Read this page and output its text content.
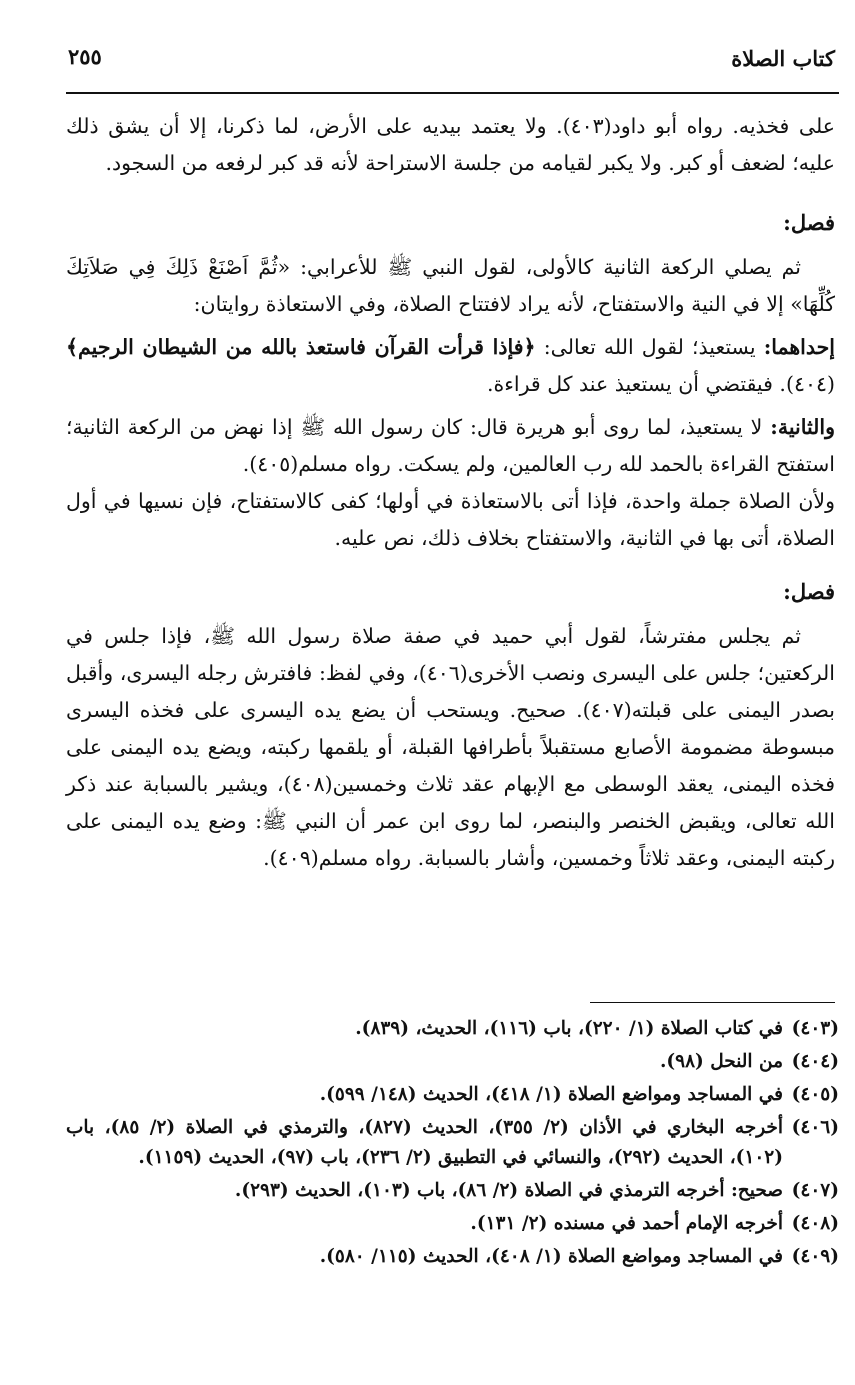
كتاب الصلاة
٢٥٥

على فخذيه. رواه أبو داود(٤٠٣). ولا يعتمد بيديه على الأرض، لما ذكرنا، إلا أن يشق ذلك عليه؛ لضعف أو كبر. ولا يكبر لقيامه من جلسة الاستراحة لأنه قد كبر لرفعه من السجود.

فصل:

ثم يصلي الركعة الثانية كالأولى، لقول النبي ﷺ للأعرابي: «ثُمَّ اَصْنَعْ ذَلِكَ فِي صَلاَتِكَ كُلِّهَا» إلا في النية والاستفتاح، لأنه يراد لافتتاح الصلاة، وفي الاستعاذة روايتان:

إحداهما: يستعيذ؛ لقول الله تعالى: ﴿فإذا قرأت القرآن فاستعذ بالله من الشيطان الرجيم﴾(٤٠٤). فيقتضي أن يستعيذ عند كل قراءة.

والثانية: لا يستعيذ، لما روى أبو هريرة قال: كان رسول الله ﷺ إذا نهض من الركعة الثانية؛ استفتح القراءة بالحمد لله رب العالمين، ولم يسكت. رواه مسلم(٤٠٥).

ولأن الصلاة جملة واحدة، فإذا أتى بالاستعاذة في أولها؛ كفى كالاستفتاح، فإن نسيها في أول الصلاة، أتى بها في الثانية، والاستفتاح بخلاف ذلك، نص عليه.

فصل:

ثم يجلس مفترشاً، لقول أبي حميد في صفة صلاة رسول الله ﷺ، فإذا جلس في الركعتين؛ جلس على اليسرى ونصب الأخرى(٤٠٦)، وفي لفظ: فافترش رجله اليسرى، وأقبل بصدر اليمنى على قبلته(٤٠٧). صحيح. ويستحب أن يضع يده اليسرى على فخذه اليسرى مبسوطة مضمومة الأصابع مستقبلاً بأطرافها القبلة، أو يلقمها ركبته، ويضع يده اليمنى على فخذه اليمنى، يعقد الوسطى مع الإبهام عقد ثلاث وخمسين(٤٠٨)، ويشير بالسبابة عند ذكر الله تعالى، ويقبض الخنصر والبنصر، لما روى ابن عمر أن النبي ﷺ: وضع يده اليمنى على ركبته اليمنى، وعقد ثلاثاً وخمسين، وأشار بالسبابة. رواه مسلم(٤٠٩).

(٤٠٣)
في كتاب الصلاة (١/ ٢٢٠)، باب (١١٦)، الحديث، (٨٣٩).
(٤٠٤)
من النحل (٩٨).
(٤٠٥)
في المساجد ومواضع الصلاة (١/ ٤١٨)، الحديث (١٤٨/ ٥٩٩).
(٤٠٦)
أخرجه البخاري في الأذان (٢/ ٣٥٥)، الحديث (٨٢٧)، والترمذي في الصلاة (٢/ ٨٥)، باب (١٠٢)، الحديث (٢٩٢)، والنسائي في التطبيق (٢/ ٢٣٦)، باب (٩٧)، الحديث (١١٥٩).
(٤٠٧)
صحيح: أخرجه الترمذي في الصلاة (٢/ ٨٦)، باب (١٠٣)، الحديث (٢٩٣).
(٤٠٨)
أخرجه الإمام أحمد في مسنده (٢/ ١٣١).
(٤٠٩)
في المساجد ومواضع الصلاة (١/ ٤٠٨)، الحديث (١١٥/ ٥٨٠).
